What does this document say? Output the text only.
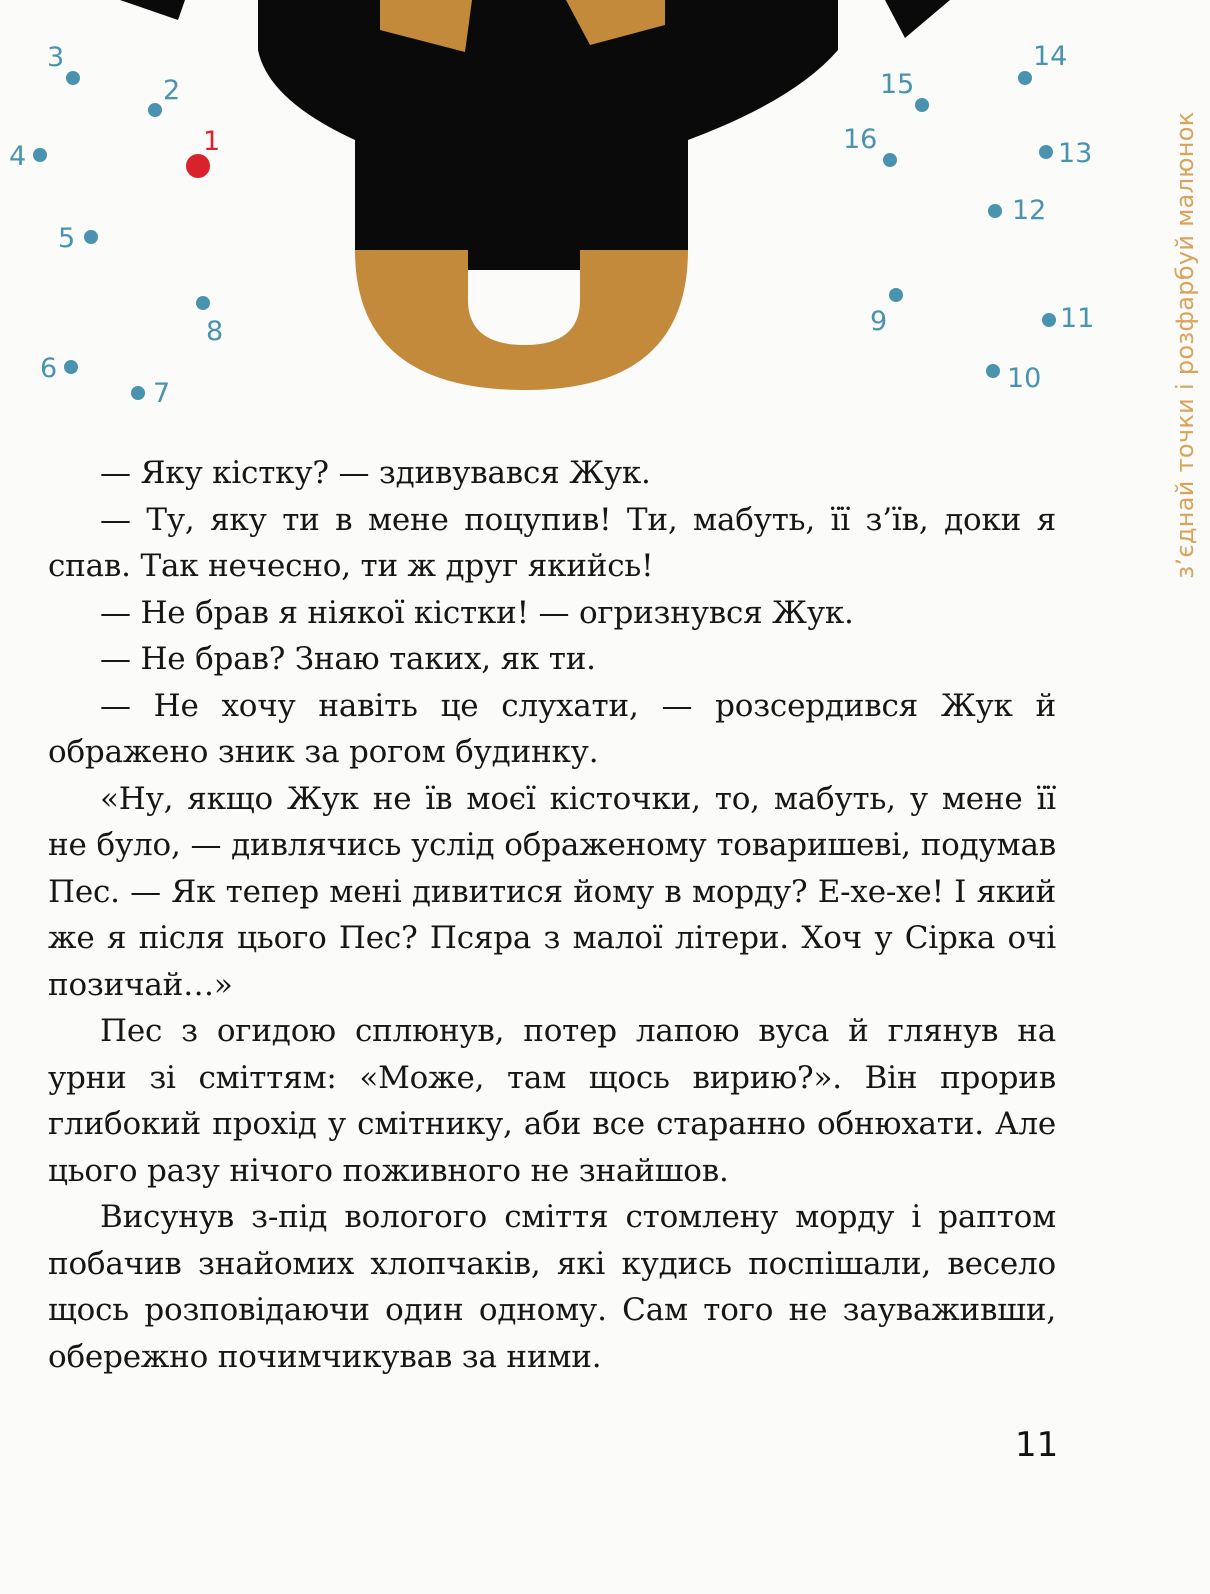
1
2
3
4
5
6
7
8	9
10
11
12
13
14
15
16	з’єднай точки і розфарбуй малюнок

— Яку кістку? — здивувався Жук.

— Ту, яку ти в мене поцупив! Ти, мабуть, її з’їв, доки я спав. Так нечесно, ти ж друг якийсь!

— Не брав я ніякої кістки! — огризнувся Жук.

— Не брав? Знаю таких, як ти.

— Не хочу навіть це слухати, — розсердився Жук й ображено зник за рогом будинку.

«Ну, якщо Жук не їв моєї кісточки, то, мабуть, у мене її не було, — дивлячись услід ображеному товаришеві, подумав Пес. — Як тепер мені дивитися йому в морду? Е-хе-хе! І який же я після цього Пес? Псяра з малої літери. Хоч у Сірка очі позичай…»

Пес з огидою сплюнув, потер лапою вуса й глянув на урни зі сміттям: «Може, там щось вирию?». Він прорив глибокий прохід у смітнику, аби все старанно обнюхати. Але цього разу нічого поживного не знайшов.

Висунув з-під вологого сміття стомлену морду і раптом побачив знайомих хлопчаків, які кудись поспішали, весело щось розповідаючи один одному. Сам того не зауваживши, обережно почимчикував за ними.

11
